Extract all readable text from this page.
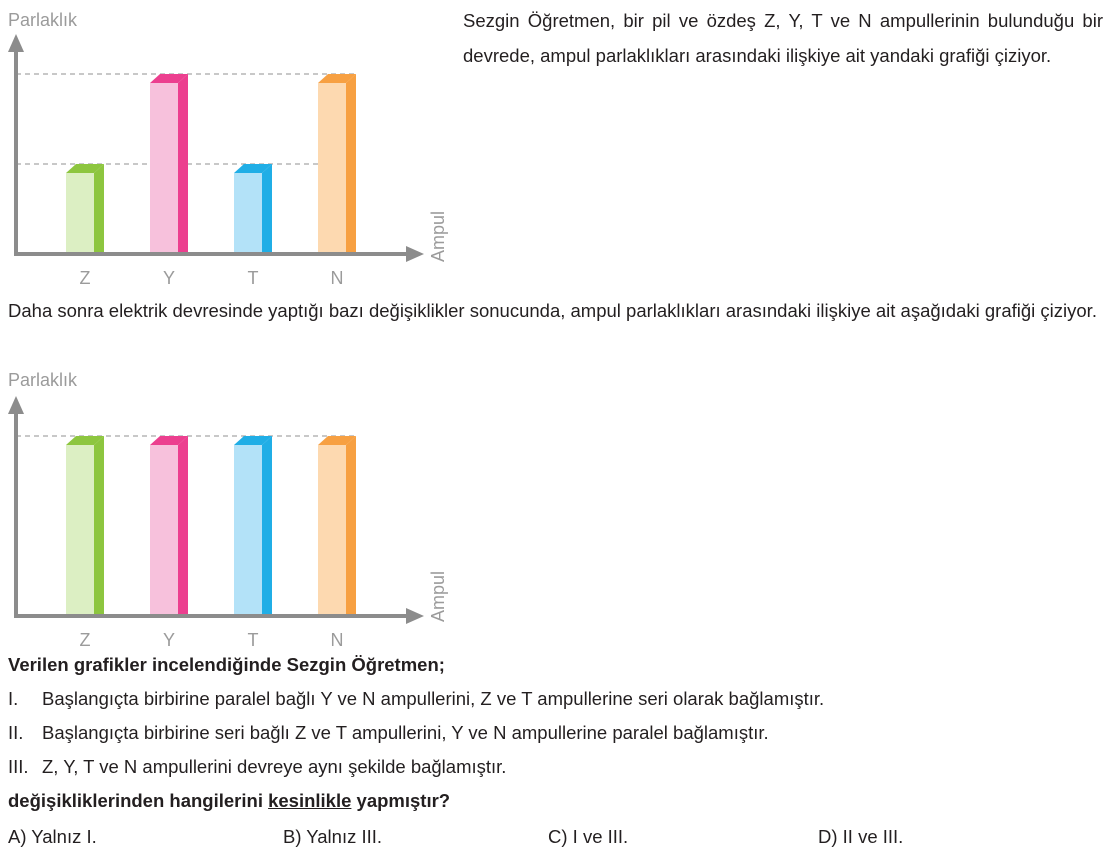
Parlaklık
Ampul
Z	Y	T	N
Sezgin Öğretmen, bir pil ve özdeş Z, Y, T ve N ampullerinin bulunduğu bir devrede, ampul parlaklıkları arasındaki ilişkiye ait yandaki grafiği çiziyor.
Daha sonra elektrik devresinde yaptığı bazı değişiklikler sonucunda, ampul parlaklıkları arasındaki ilişkiye ait aşağıdaki grafiği çiziyor.
Parlaklık
Ampul
Z	Y	T	N
Verilen grafikler incelendiğinde Sezgin Öğretmen;
I. Başlangıçta birbirine paralel bağlı Y ve N ampullerini, Z ve T ampullerine seri olarak bağlamıştır.
II. Başlangıçta birbirine seri bağlı Z ve T ampullerini, Y ve N ampullerine paralel bağlamıştır.
III. Z, Y, T ve N ampullerini devreye aynı şekilde bağlamıştır.
değişikliklerinden hangilerini kesinlikle yapmıştır?
A) Yalnız I.	B) Yalnız III.	C) I ve III.	D) II ve III.
